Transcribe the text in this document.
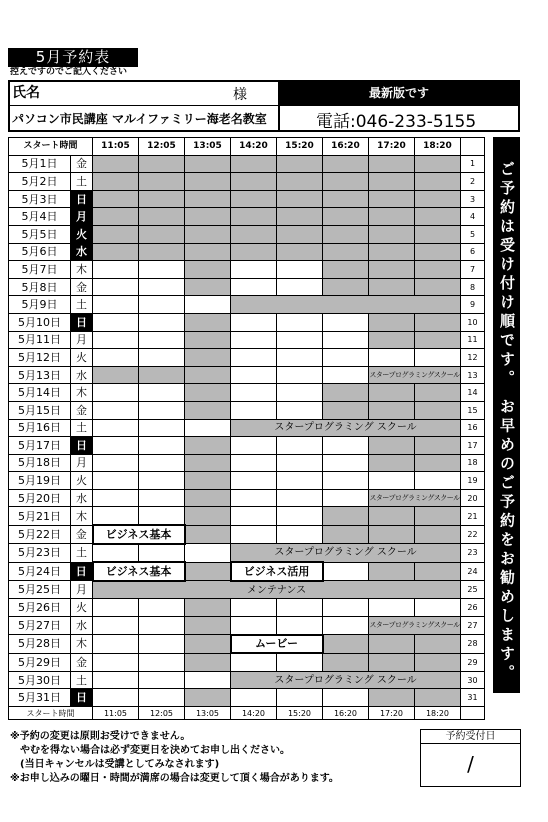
5月予約表
控えですのでご記入ください
氏名	様	最新版です
パソコン市民講座 マルイファミリー海老名教室	電話:046-233-5155
スタート時間		11:05	12:05	13:05	14:20	15:20	16:20	17:20	18:20	
5月1日	金									1
5月2日	土									2
5月3日	日									3
5月4日	月									4
5月5日	火									5
5月6日	水									6
5月7日	木									7
5月8日	金									8
5月9日	土									9
5月10日	日									10
5月11日	月									11
5月12日	火									12
5月13日	水							スタープログラミングスクール		13
5月14日	木									14
5月15日	金									15
5月16日	土				スタープログラミング スクール					16
5月17日	日									17
5月18日	月									18
5月19日	火									19
5月20日	水							スタープログラミングスクール		20
5月21日	木									21
5月22日	金	ビジネス基本								22
5月23日	土				スタープログラミング スクール					23
5月24日	日	ビジネス基本			ビジネス活用					24
5月25日	月	メンテナンス								25
5月26日	火									26
5月27日	水							スタープログラミングスクール		27
5月28日	木				ムービー					28
5月29日	金									29
5月30日	土				スタープログラミング スクール					30
5月31日	日									31
スタート時間		11:05	12:05	13:05	14:20	15:20	16:20	17:20	18:20	
ご予約は受け付け順です。 お早めのご予約をお勧めします。
※予約の変更は原則お受けできません。
　やむを得ない場合は必ず変更日を決めてお申し出ください。
　(当日キャンセルは受講としてみなされます)
※お申し込みの曜日・時間が満席の場合は変更して頂く場合があります。
予約受付日
/
